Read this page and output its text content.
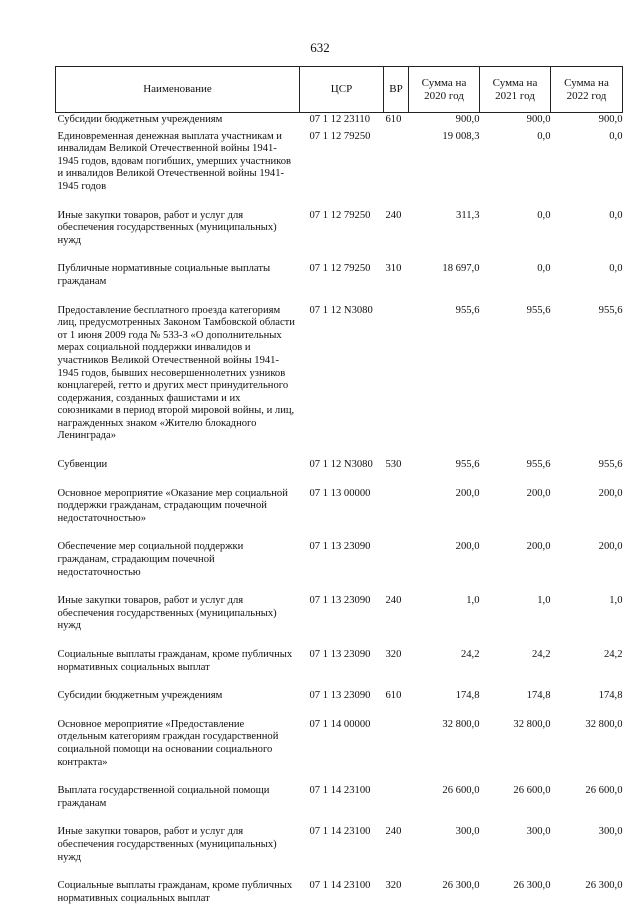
632
Наименование	ЦСР	ВР	Сумма на 2020 год	Сумма на 2021 год	Сумма на 2022 год
Субсидии бюджетным учреждениям	07 1 12 23110	610	900,0	900,0	900,0
Единовременная денежная выплата участникам и инвалидам Великой Отечественной войны 1941-1945 годов, вдовам погибших, умерших участников и инвалидов Великой Отечественной войны 1941-1945 годов	07 1 12 79250		19 008,3	0,0	0,0
Иные закупки товаров, работ и услуг для обеспечения государственных (муниципальных) нужд	07 1 12 79250	240	311,3	0,0	0,0
Публичные нормативные социальные выплаты гражданам	07 1 12 79250	310	18 697,0	0,0	0,0
Предоставление бесплатного проезда категориям лиц, предусмотренных Законом Тамбовской области от 1 июня 2009 года № 533-З «О дополнительных мерах социальной поддержки инвалидов и участников Великой Отечественной войны 1941-1945 годов, бывших несовершеннолетних узников концлагерей, гетто и других мест принудительного содержания, созданных фашистами и их союзниками в период второй мировой войны, и лиц, награжденных знаком «Жителю блокадного Ленинграда»	07 1 12 N3080		955,6	955,6	955,6
Субвенции	07 1 12 N3080	530	955,6	955,6	955,6
Основное мероприятие «Оказание мер социальной поддержки гражданам, страдающим почечной недостаточностью»	07 1 13 00000		200,0	200,0	200,0
Обеспечение мер социальной поддержки гражданам, страдающим почечной недостаточностью	07 1 13 23090		200,0	200,0	200,0
Иные закупки товаров, работ и услуг для обеспечения государственных (муниципальных) нужд	07 1 13 23090	240	1,0	1,0	1,0
Социальные выплаты гражданам, кроме публичных нормативных социальных выплат	07 1 13 23090	320	24,2	24,2	24,2
Субсидии бюджетным учреждениям	07 1 13 23090	610	174,8	174,8	174,8
Основное мероприятие «Предоставление отдельным категориям граждан государственной социальной помощи на основании социального контракта»	07 1 14 00000		32 800,0	32 800,0	32 800,0
Выплата государственной социальной помощи гражданам	07 1 14 23100		26 600,0	26 600,0	26 600,0
Иные закупки товаров, работ и услуг для обеспечения государственных (муниципальных) нужд	07 1 14 23100	240	300,0	300,0	300,0
Социальные выплаты гражданам, кроме публичных нормативных социальных выплат	07 1 14 23100	320	26 300,0	26 300,0	26 300,0
